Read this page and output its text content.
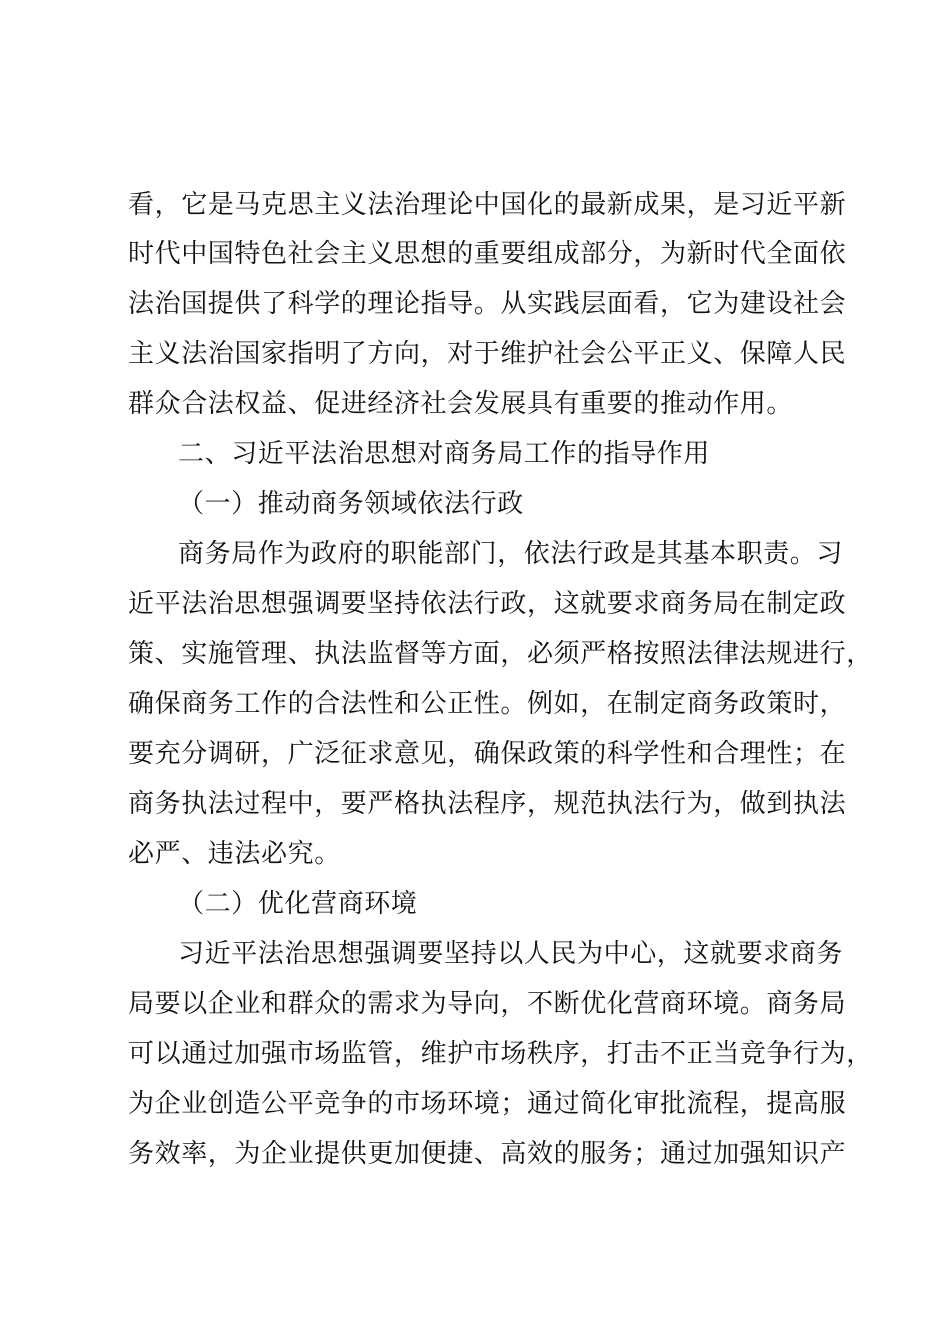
看，它是马克思主义法治理论中国化的最新成果，是习近平新
时代中国特色社会主义思想的重要组成部分，为新时代全面依
法治国提供了科学的理论指导。从实践层面看，它为建设社会
主义法治国家指明了方向，对于维护社会公平正义、保障人民
群众合法权益、促进经济社会发展具有重要的推动作用。
二、习近平法治思想对商务局工作的指导作用
（一）推动商务领域依法行政
商务局作为政府的职能部门，依法行政是其基本职责。习
近平法治思想强调要坚持依法行政，这就要求商务局在制定政
策、实施管理、执法监督等方面，必须严格按照法律法规进行，
确保商务工作的合法性和公正性。例如，在制定商务政策时，
要充分调研，广泛征求意见，确保政策的科学性和合理性；在
商务执法过程中，要严格执法程序，规范执法行为，做到执法
必严、违法必究。
（二）优化营商环境
习近平法治思想强调要坚持以人民为中心，这就要求商务
局要以企业和群众的需求为导向，不断优化营商环境。商务局
可以通过加强市场监管，维护市场秩序，打击不正当竞争行为，
为企业创造公平竞争的市场环境；通过简化审批流程，提高服
务效率，为企业提供更加便捷、高效的服务；通过加强知识产
